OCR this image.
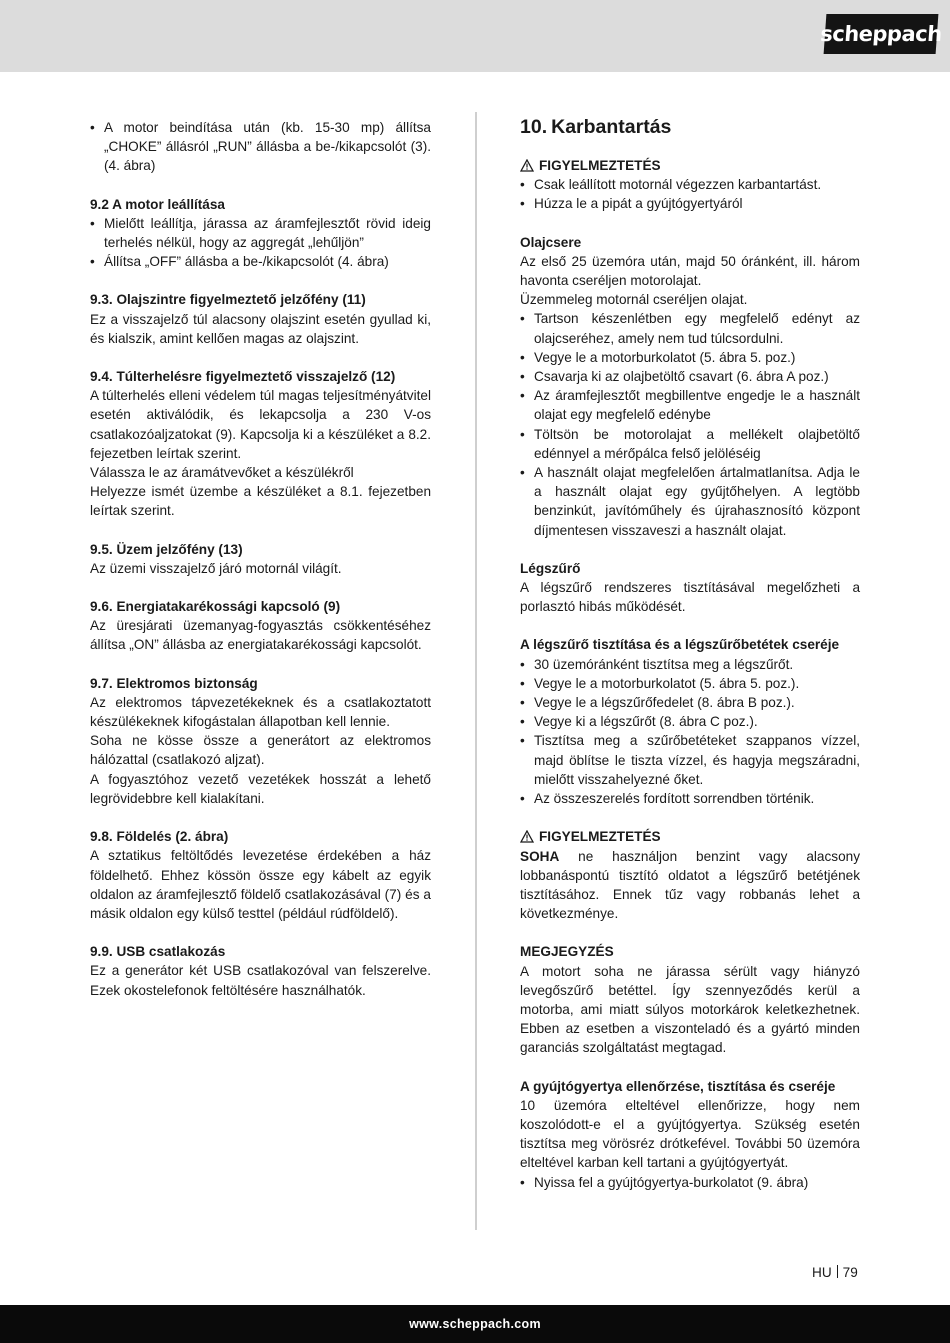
scheppach
• A motor beindítása után (kb. 15-30 mp) állítsa „CHOKE” állásról „RUN” állásba a be-/kikapcsolót (3). (4. ábra)
9.2 A motor leállítása
• Mielőtt leállítja, járassa az áramfejlesztőt rövid ideig terhelés nélkül, hogy az aggregát „lehűljön”
• Állítsa „OFF” állásba a be-/kikapcsolót (4. ábra)
9.3. Olajszintre figyelmeztető jelzőfény (11)
Ez a visszajelző túl alacsony olajszint esetén gyullad ki, és kialszik, amint kellően magas az olajszint.
9.4. Túlterhelésre figyelmeztető visszajelző (12)
A túlterhelés elleni védelem túl magas teljesítményátvitel esetén aktiválódik, és lekapcsolja a 230 V-os csatlakozóaljzatokat (9). Kapcsolja ki a készüléket a 8.2. fejezetben leírtak szerint.
Válassza le az áramátvevőket a készülékről
Helyezze ismét üzembe a készüléket a 8.1. fejezetben leírtak szerint.
9.5. Üzem jelzőfény (13)
Az üzemi visszajelző járó motornál világít.
9.6. Energiatakarékossági kapcsoló (9)
Az üresjárati üzemanyag-fogyasztás csökkentéséhez állítsa „ON” állásba az energiatakarékossági kapcsolót.
9.7. Elektromos biztonság
Az elektromos tápvezetékeknek és a csatlakoztatott készülékeknek kifogástalan állapotban kell lennie.
Soha ne kösse össze a generátort az elektromos hálózattal (csatlakozó aljzat).
A fogyasztóhoz vezető vezetékek hosszát a lehető legrövidebbre kell kialakítani.
9.8. Földelés (2. ábra)
A sztatikus feltöltődés levezetése érdekében a ház földelhető. Ehhez kössön össze egy kábelt az egyik oldalon az áramfejlesztő földelő csatlakozásával (7) és a másik oldalon egy külső testtel (például rúdföldelő).
9.9. USB csatlakozás
Ez a generátor két USB csatlakozóval van felszerelve. Ezek okostelefonok feltöltésére használhatók.
10. Karbantartás
FIGYELMEZTETÉS
• Csak leállított motornál végezzen karbantartást.
• Húzza le a pipát a gyújtógyertyáról
Olajcsere
Az első 25 üzemóra után, majd 50 óránként, ill. három havonta cseréljen motorolajat.
Üzemmeleg motornál cseréljen olajat.
• Tartson készenlétben egy megfelelő edényt az olajcseréhez, amely nem tud túlcsordulni.
• Vegye le a motorburkolatot (5. ábra 5. poz.)
• Csavarja ki az olajbetöltő csavart (6. ábra A poz.)
• Az áramfejlesztőt megbillentve engedje le a használt olajat egy megfelelő edénybe
• Töltsön be motorolajat a mellékelt olajbetöltő edénnyel a mérőpálca felső jelöléséig
• A használt olajat megfelelően ártalmatlanítsa. Adja le a használt olajat egy gyűjtőhelyen. A legtöbb benzinkút, javítóműhely és újrahasznosító központ díjmentesen visszaveszi a használt olajat.
Légszűrő
A légszűrő rendszeres tisztításával megelőzheti a porlasztó hibás működését.
A légszűrő tisztítása és a légszűrőbetétek cseréje
• 30 üzemóránként tisztítsa meg a légszűrőt.
• Vegye le a motorburkolatot (5. ábra 5. poz.).
• Vegye le a légszűrőfedelet (8. ábra B poz.).
• Vegye ki a légszűrőt (8. ábra C poz.).
• Tisztítsa meg a szűrőbetéteket szappanos vízzel, majd öblítse le tiszta vízzel, és hagyja megszáradni, mielőtt visszahelyezné őket.
• Az összeszerelés fordított sorrendben történik.
FIGYELMEZTETÉS
SOHA ne használjon benzint vagy alacsony lobbanáspontú tisztító oldatot a légszűrő betétjének tisztításához. Ennek tűz vagy robbanás lehet a következménye.
MEGJEGYZÉS
A motort soha ne járassa sérült vagy hiányzó levegőszűrő betéttel. Így szennyeződés kerül a motorba, ami miatt súlyos motorkárok keletkezhetnek. Ebben az esetben a viszonteladó és a gyártó minden garanciás szolgáltatást megtagad.
A gyújtógyertya ellenőrzése, tisztítása és cseréje
10 üzemóra elteltével ellenőrizze, hogy nem koszolódott-e el a gyújtógyertya. Szükség esetén tisztítsa meg vörösréz drótkefével. További 50 üzemóra elteltével karban kell tartani a gyújtógyertyát.
• Nyissa fel a gyújtógyertya-burkolatot (9. ábra)
HU 79
www.scheppach.com
